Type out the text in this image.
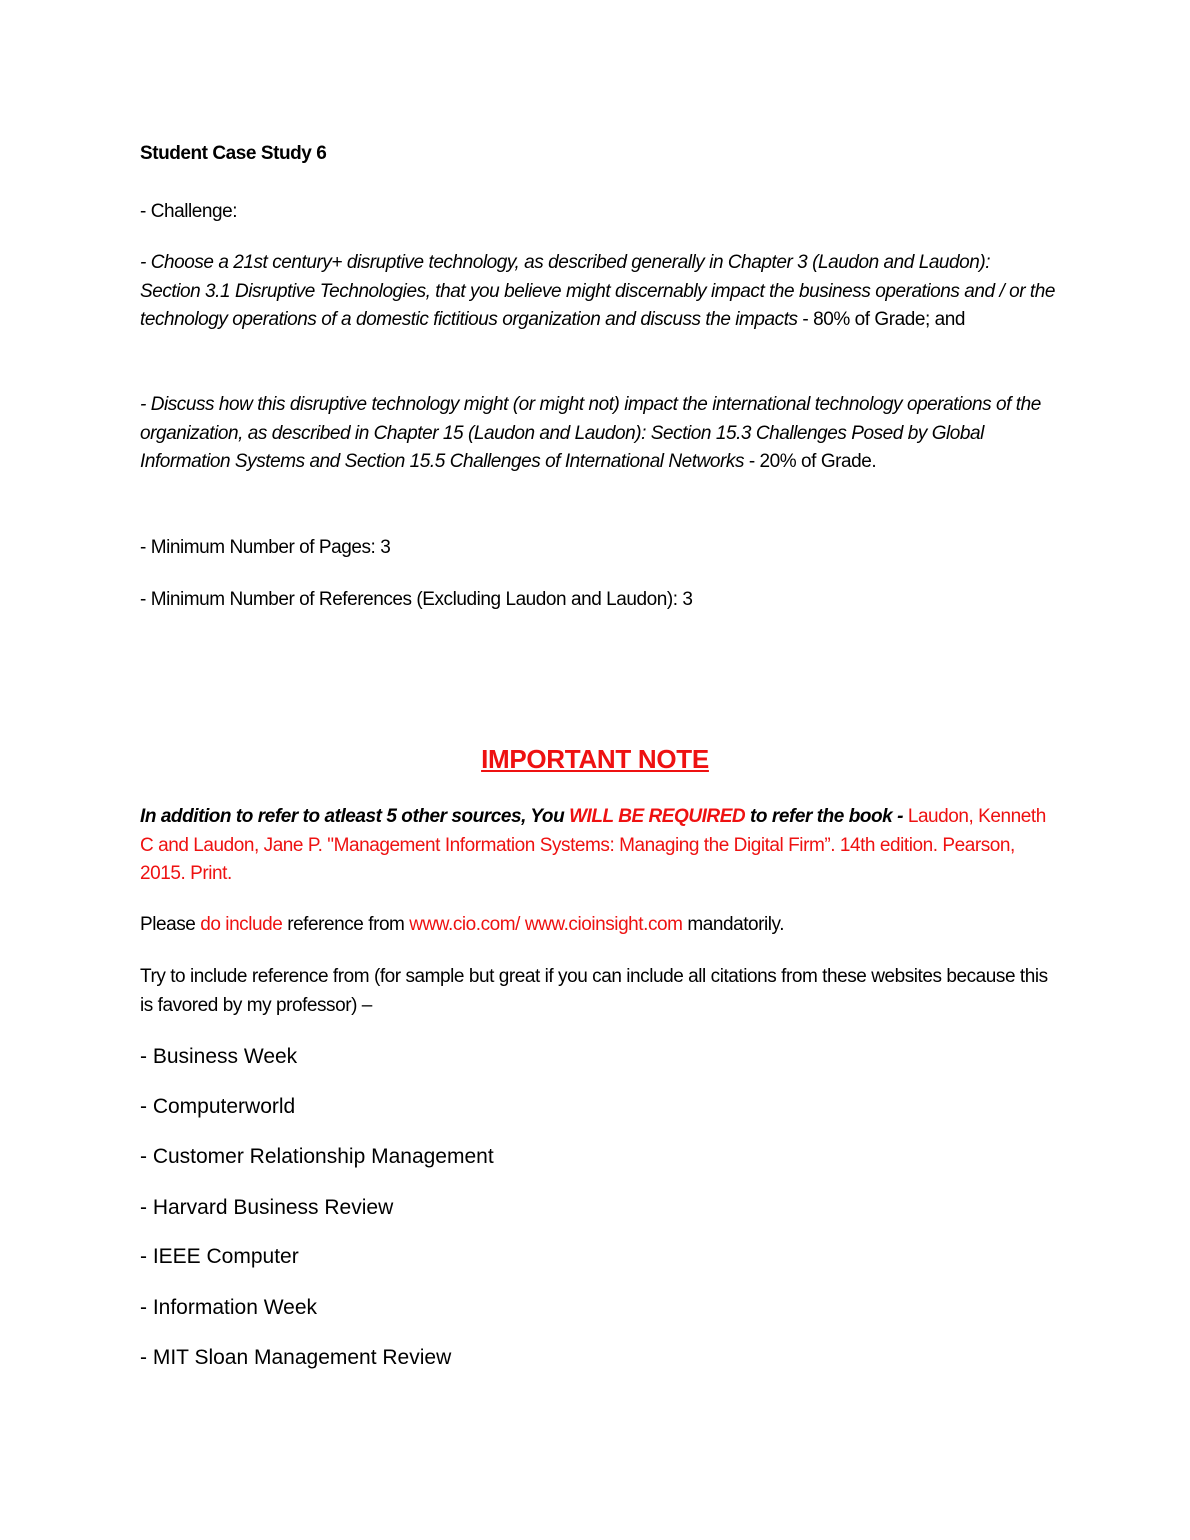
Student Case Study 6
- Challenge:
- Choose a 21st century+ disruptive technology, as described generally in Chapter 3 (Laudon and Laudon): Section 3.1 Disruptive Technologies, that you believe might discernably impact the business operations and / or the technology operations of a domestic fictitious organization and discuss the impacts - 80% of Grade; and
- Discuss how this disruptive technology might (or might not) impact the international technology operations of the organization, as described in Chapter 15 (Laudon and Laudon): Section 15.3 Challenges Posed by Global Information Systems and Section 15.5 Challenges of International Networks - 20% of Grade.
- Minimum Number of Pages: 3
- Minimum Number of References (Excluding Laudon and Laudon): 3
IMPORTANT NOTE
In addition to refer to atleast 5 other sources, You WILL BE REQUIRED to refer the book - Laudon, Kenneth C and Laudon, Jane P. "Management Information Systems: Managing the Digital Firm”. 14th edition. Pearson, 2015. Print.
Please do include reference from www.cio.com/ www.cioinsight.com mandatorily.
Try to include reference from (for sample but great if you can include all citations from these websites because this is favored by my professor) –
- Business Week
- Computerworld
- Customer Relationship Management
- Harvard Business Review
- IEEE Computer
- Information Week
- MIT Sloan Management Review
